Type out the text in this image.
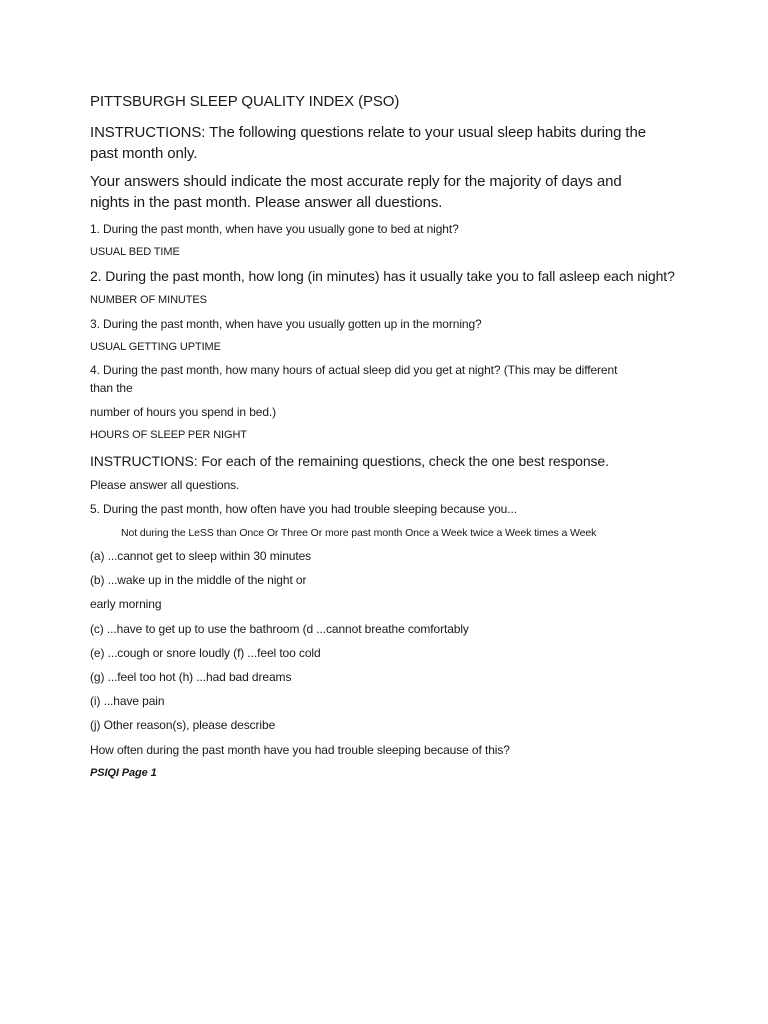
PITTSBURGH SLEEP QUALITY INDEX (PSO)

INSTRUCTIONS: The following questions relate to your usual sleep habits during the

past month only.

Your answers should indicate the most accurate reply for the majority of days and

nights in the past month. Please answer all duestions.

1. During the past month, when have you usually gone to bed at night?

USUAL BED TIME

2. During the past month, how long (in minutes) has it usually take you to fall asleep each night?

NUMBER OF MINUTES

3. During the past month, when have you usually gotten up in the morning?

USUAL GETTING UPTIME

4. During the past month, how many hours of actual sleep did you get at night? (This may be different

than the

number of hours you spend in bed.)

HOURS OF SLEEP PER NIGHT

INSTRUCTIONS: For each of the remaining questions, check the one best response.

Please answer all questions.

5. During the past month, how often have you had trouble sleeping because you...

Not during the LeSS than Once Or Three Or more past month Once a Week twice a Week times a Week

(a) ...cannot get to sleep within 30 minutes

(b) ...wake up in the middle of the night or

early morning

(c) ...have to get up to use the bathroom (d ...cannot breathe comfortably

(e) ...cough or snore loudly (f) ...feel too cold

(g) ...feel too hot (h) ...had bad dreams

(i) ...have pain

(j) Other reason(s), please describe

How often during the past month have you had trouble sleeping because of this?

PSIQI Page 1
